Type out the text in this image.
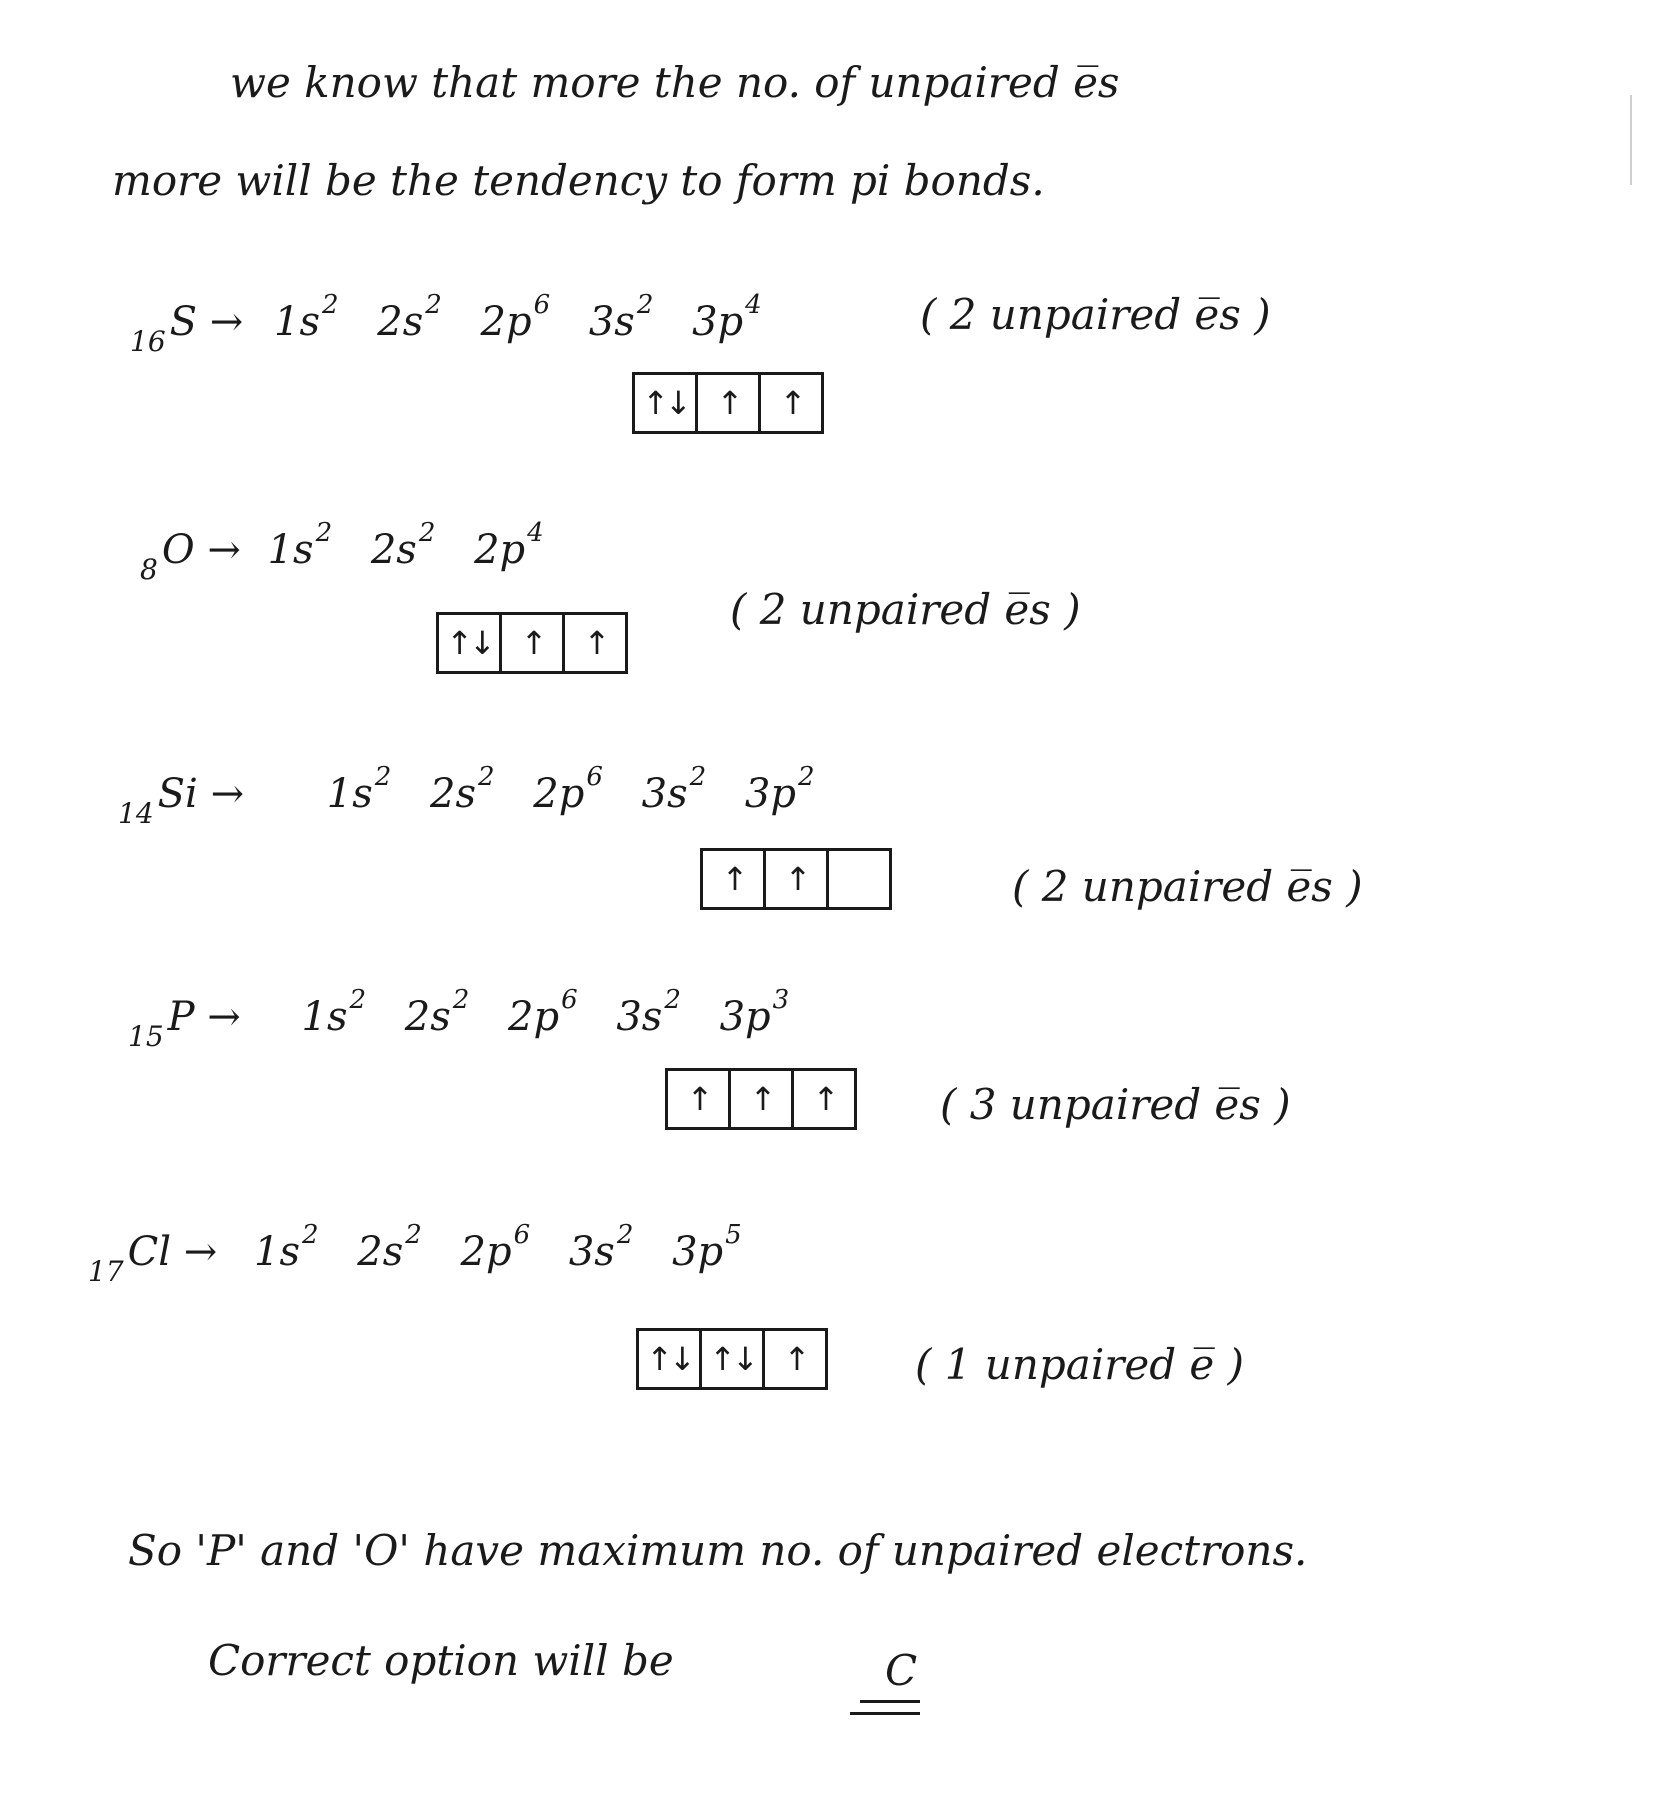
we know that more the no. of unpaired e̅s
more will be the tendency to form pi bonds.
$_{16}$ $S \to 1s^2$ $2s^2$ $2p^6$ $3s^2$ $3p^4$	( 2 unpaired e̅s )
↑↓ ↑	↑
$_8$ $O \to 1s^2$ $2s^2$ $2p^4$
( 2 unpaired e̅s )
↑↓ ↑	↑
$_{14}$ $Si \to 1s^2$ $2s^2$ $2p^6$ $3s^2$ $3p^2$
↑	↑	( 2 unpaired e̅s )
$_{15}$ $P \to 1s^2$ $2s^2$ $2p^6$ $3s^2$ $3p^3$
↑	↑	↑	( 3 unpaired e̅s )
$_{17}$ $Cl \to 1s^2$ $2s^2$ $2p^6$ $3s^2$ $3p^5$
↑↓ ↑↓ ↑	( 1 unpaired e̅ )
So 'P' and 'O' have maximum no. of unpaired electrons.
Correct option will be	C
